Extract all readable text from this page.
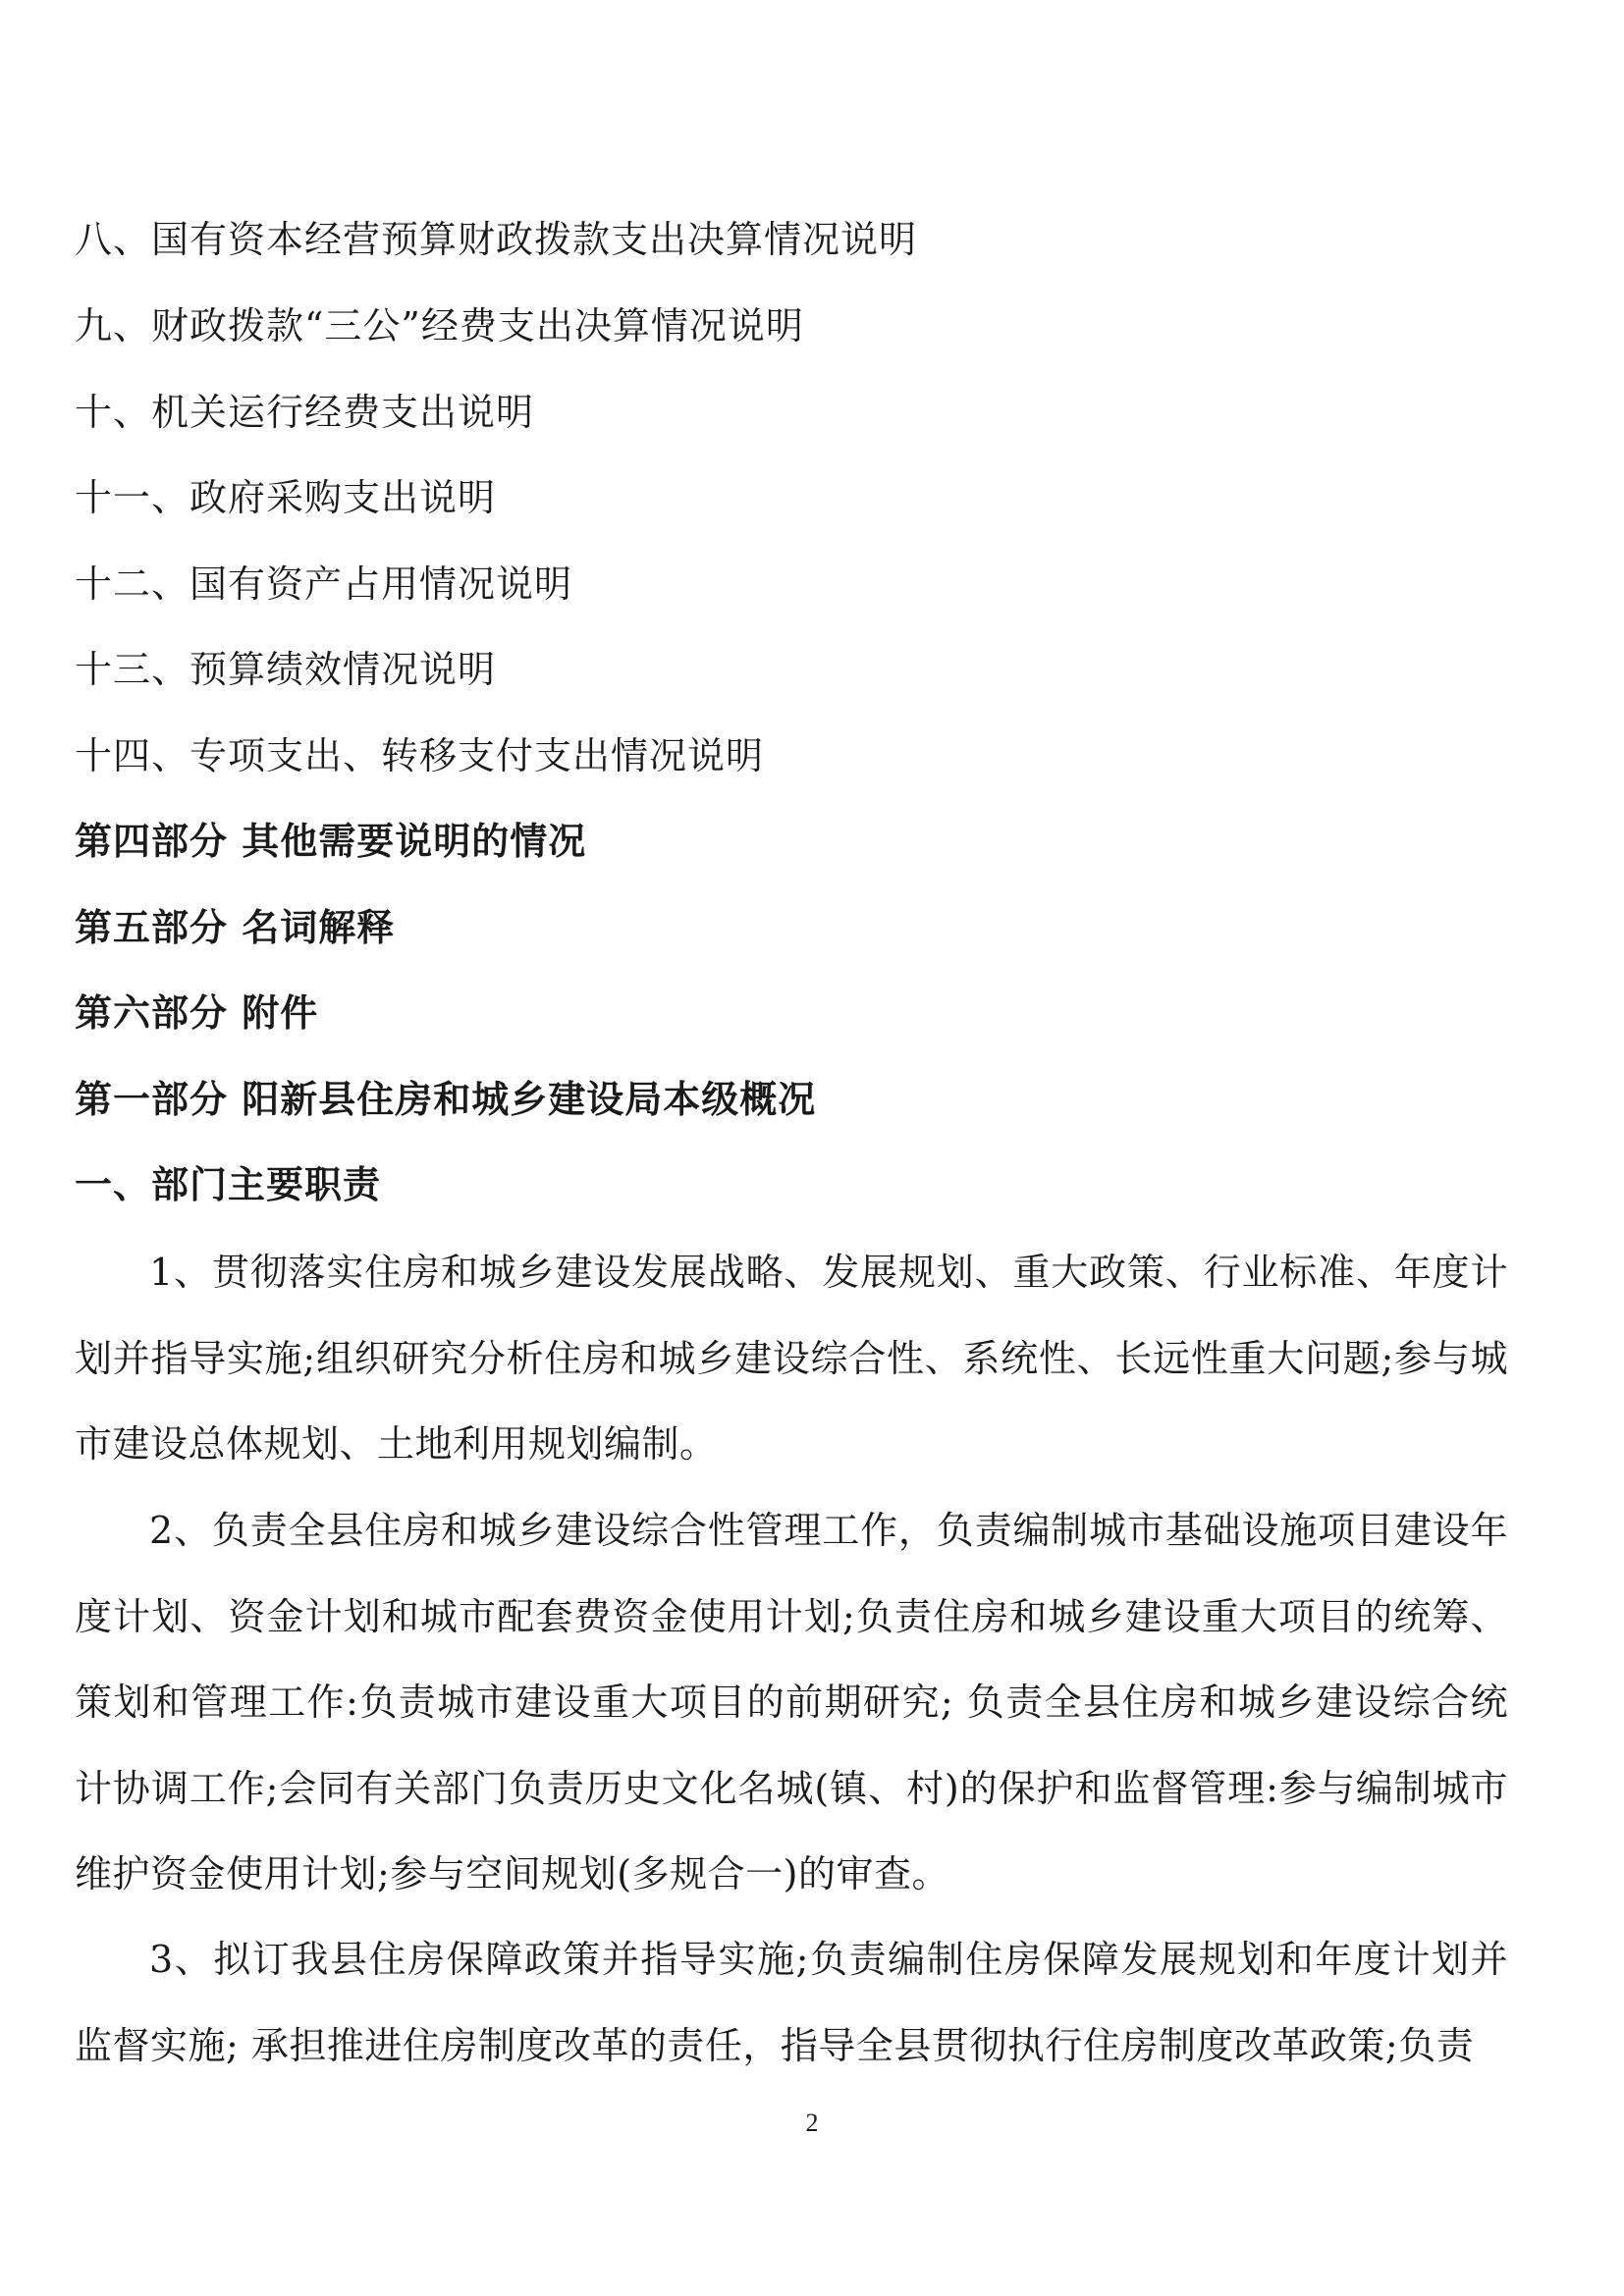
八、国有资本经营预算财政拨款支出决算情况说明
九、财政拨款“三公”经费支出决算情况说明
十、机关运行经费支出说明
十一、政府采购支出说明
十二、国有资产占用情况说明
十三、预算绩效情况说明
十四、专项支出、转移支付支出情况说明
第四部分 其他需要说明的情况
第五部分 名词解释
第六部分 附件
第一部分 阳新县住房和城乡建设局本级概况
一、部门主要职责
1、贯彻落实住房和城乡建设发展战略、发展规划、重大政策、行业标准、年度计划并指导实施;组织研究分析住房和城乡建设综合性、系统性、长远性重大问题;参与城市建设总体规划、土地利用规划编制。
2、负责全县住房和城乡建设综合性管理工作，负责编制城市基础设施项目建设年度计划、资金计划和城市配套费资金使用计划;负责住房和城乡建设重大项目的统筹、策划和管理工作:负责城市建设重大项目的前期研究; 负责全县住房和城乡建设综合统计协调工作;会同有关部门负责历史文化名城(镇、村)的保护和监督管理:参与编制城市维护资金使用计划;参与空间规划(多规合一)的审查。
3、拟订我县住房保障政策并指导实施;负责编制住房保障发展规划和年度计划并监督实施; 承担推进住房制度改革的责任，指导全县贯彻执行住房制度改革政策;负责
2
